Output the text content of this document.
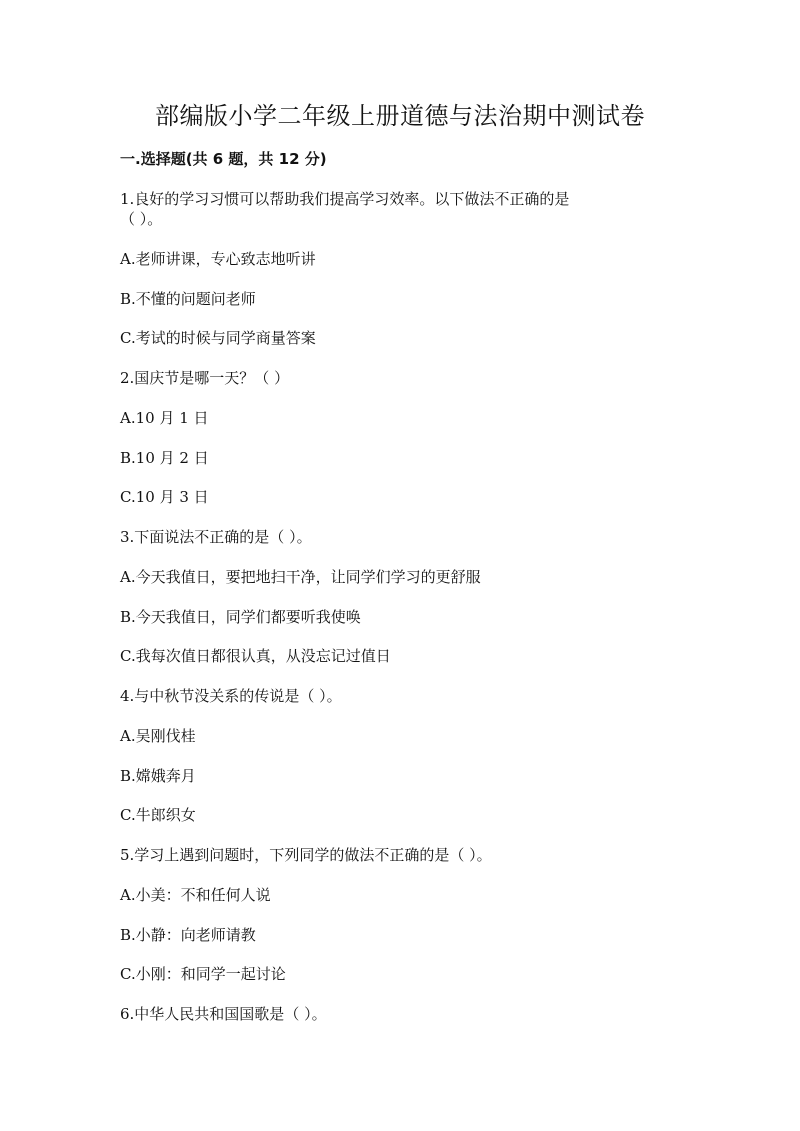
部编版小学二年级上册道德与法治期中测试卷
一.选择题(共 6 题，共 12 分)
1.良好的学习习惯可以帮助我们提高学习效率。以下做法不正确的是
（ ）。
A.老师讲课，专心致志地听讲
B.不懂的问题问老师
C.考试的时候与同学商量答案
2.国庆节是哪一天？（ ）
A.10 月 1 日
B.10 月 2 日
C.10 月 3 日
3.下面说法不正确的是（ ）。
A.今天我值日，要把地扫干净，让同学们学习的更舒服
B.今天我值日，同学们都要听我使唤
C.我每次值日都很认真，从没忘记过值日
4.与中秋节没关系的传说是（ ）。
A.吴刚伐桂
B.嫦娥奔月
C.牛郎织女
5.学习上遇到问题时，下列同学的做法不正确的是（ ）。
A.小美：不和任何人说
B.小静：向老师请教
C.小刚：和同学一起讨论
6.中华人民共和国国歌是（ ）。
